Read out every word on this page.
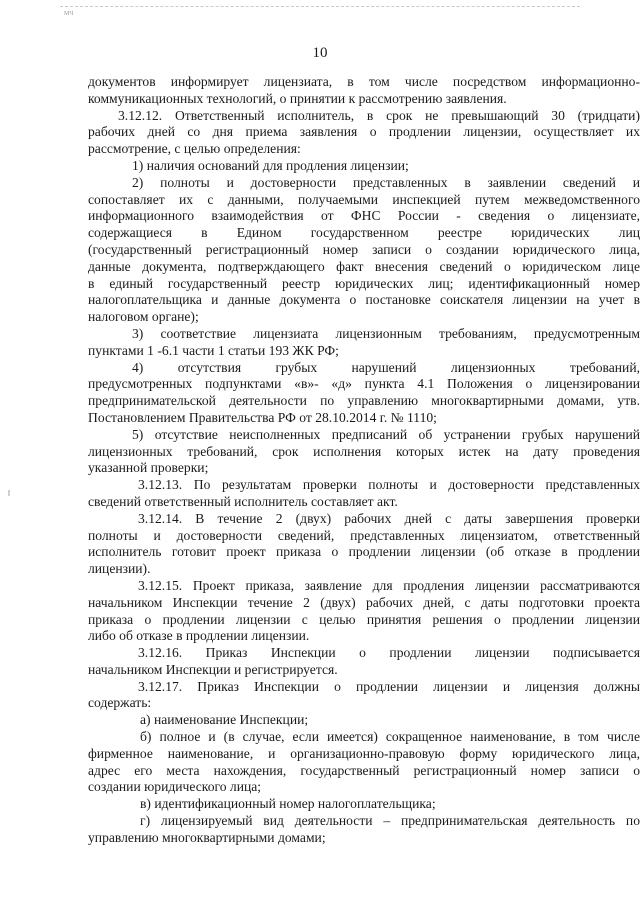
МЧ
10
документов информирует лицензиата, в том числе посредством информационно-
коммуникационных технологий, о принятии к рассмотрению заявления.
3.12.12. Ответственный исполнитель, в срок не превышающий 30 (тридцати)
рабочих дней со дня приема заявления о продлении лицензии, осуществляет их
рассмотрение, с целью определения:
1) наличия оснований для продления лицензии;
2) полноты и достоверности представленных в заявлении сведений и
сопоставляет их с данными, получаемыми инспекцией путем межведомственного
информационного взаимодействия от ФНС России - сведения о лицензиате,
содержащиеся в Едином государственном реестре юридических лиц
(государственный регистрационный номер записи о создании юридического лица,
данные документа, подтверждающего факт внесения сведений о юридическом лице
в единый государственный реестр юридических лиц; идентификационный номер
налогоплательщика и данные документа о постановке соискателя лицензии на учет в
налоговом органе);
3) соответствие лицензиата лицензионным требованиям, предусмотренным
пунктами 1 -6.1 части 1 статьи 193 ЖК РФ;
4) отсутствия грубых нарушений лицензионных требований,
предусмотренных подпунктами «в»- «д» пункта 4.1 Положения о лицензировании
предпринимательской деятельности по управлению многоквартирными домами, утв.
Постановлением Правительства РФ от 28.10.2014 г. № 1110;
5) отсутствие неисполненных предписаний об устранении грубых нарушений
лицензионных требований, срок исполнения которых истек на дату проведения
указанной проверки;
3.12.13. По результатам проверки полноты и достоверности представленных
сведений ответственный исполнитель составляет акт.
3.12.14. В течение 2 (двух) рабочих дней с даты завершения проверки
полноты и достоверности сведений, представленных лицензиатом, ответственный
исполнитель готовит проект приказа о продлении лицензии (об отказе в продлении
лицензии).
3.12.15. Проект приказа, заявление для продления лицензии рассматриваются
начальником Инспекции течение 2 (двух) рабочих дней, с даты подготовки проекта
приказа о продлении лицензии с целью принятия решения о продлении лицензии
либо об отказе в продлении лицензии.
3.12.16. Приказ Инспекции о продлении лицензии подписывается
начальником Инспекции и регистрируется.
3.12.17. Приказ Инспекции о продлении лицензии и лицензия должны
содержать:
а) наименование Инспекции;
б) полное и (в случае, если имеется) сокращенное наименование, в том числе
фирменное наименование, и организационно-правовую форму юридического лица,
адрес его места нахождения, государственный регистрационный номер записи о
создании юридического лица;
в) идентификационный номер налогоплательщика;
г) лицензируемый вид деятельности – предпринимательская деятельность по
управлению многоквартирными домами;
